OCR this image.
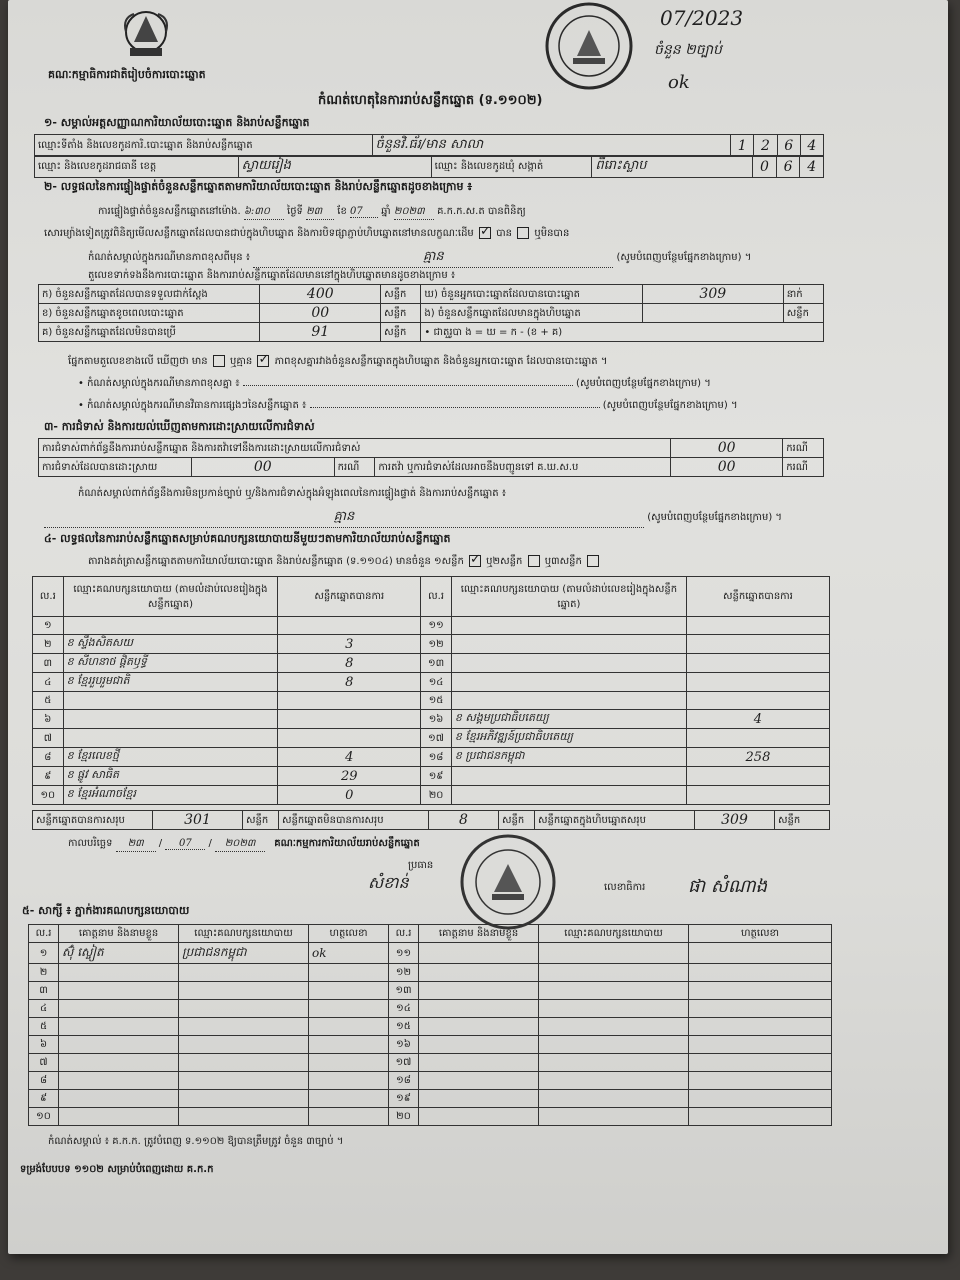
គណៈកម្មាធិការជាតិរៀបចំការបោះឆ្នោត
07/2023
ចំនួន ២ច្បាប់
ok
កំណត់ហេតុនៃការរាប់សន្លឹកឆ្នោត (ទ.១១០២)
១- សម្គាល់អត្តសញ្ញាណការិយាល័យបោះឆ្នោត និងរាប់សន្លឹកឆ្នោត
ឈ្មោះទីតាំង និងលេខកូដការិ.បោះឆ្នោត និងរាប់សន្លឹកឆ្នោត	ចំនួនវិ.ធ័រ/មាន សាលា	1	2	6	4
ឈ្មោះ និងលេខកូដរាជធានី ខេត្ត	ស្វាយរៀង	ឈ្មោះ និងលេខកូដឃុំ សង្កាត់	ពីរោះស្លាប	0	6	4
២- លទ្ធផលនៃការផ្ទៀងផ្ទាត់ចំនួនសន្លឹកឆ្នោតតាមការិយាល័យបោះឆ្នោត និងរាប់សន្លឹកឆ្នោតដូចខាងក្រោម ៖
ការផ្ទៀងផ្ទាត់ចំនួនសន្លឹកឆ្នោតនៅម៉ោង. ៦:៣០ ថ្ងៃទី ២៣ ខែ 07 ឆ្នាំ ២០២៣ គ.ក.ក.ស.ត បានពិនិត្យ
សោរម្យ៉ាងទៀតត្រូវពិនិត្យមើលសន្លឹកឆ្នោតដែលបានជាប់ក្នុងហិបឆ្នោត និងការបិទផ្សាភ្ជាប់ហិបឆ្នោតនៅមានលក្ខណៈដើម ✓ បាន ឬមិនបាន
កំណត់សម្គាល់ក្នុងករណីមានភាពខុសពីមុន ៖	គ្មាន	(សូមបំពេញបន្ថែមផ្នែកខាងក្រោម) ។
តួលេខទាក់ទងនឹងការបោះឆ្នោត និងការរាប់សន្លឹកឆ្នោតដែលមាននៅក្នុងហិបឆ្នោតមានដូចខាងក្រោម ៖
ក) ចំនួនសន្លឹកឆ្នោតដែលបានទទួលជាក់ស្តែង	400	សន្លឹក	ឃ) ចំនួនអ្នកបោះឆ្នោតដែលបានបោះឆ្នោត	309	នាក់
ខ) ចំនួនសន្លឹកឆ្នោតខូចពេលបោះឆ្នោត	00	សន្លឹក	ង) ចំនួនសន្លឹកឆ្នោតដែលមានក្នុងហិបឆ្នោត		សន្លឹក
គ) ចំនួនសន្លឹកឆ្នោតដែលមិនបានប្រើ	91	សន្លឹក	• ជាតួរូបា ង = ឃ = ក - (ខ + គ)		
ផ្នែកតាមតួលេខខាងលើ ឃើញថា មាន ឬគ្មាន ✓ ភាពខុសគ្នារវាងចំនួនសន្លឹកឆ្នោតក្នុងហិបឆ្នោត និងចំនួនអ្នកបោះឆ្នោត ដែលបានបោះឆ្នោត ។
• កំណត់សម្គាល់ក្នុងករណីមានភាពខុសគ្នា ៖	(សូមបំពេញបន្ថែមផ្នែកខាងក្រោម) ។
• កំណត់សម្គាល់ក្នុងករណីមានវិធានការផ្សេងៗនៃសន្លឹកឆ្នោត ៖	(សូមបំពេញបន្ថែមផ្នែកខាងក្រោម) ។
៣- ការជំទាស់ និងការយល់ឃើញតាមការដោះស្រាយលើការជំទាស់
ការជំទាស់ពាក់ព័ន្ធនឹងការរាប់សន្លឹកឆ្នោត និងការតវ៉ាទៅនឹងការដោះស្រាយលើការជំទាស់				00	ករណី
ការជំទាស់ដែលបានដោះស្រាយ	00	ករណី	ការតវ៉ា ឬការជំទាស់ដែលអាចនឹងបញ្ជូនទៅ គ.ឃ.ស.ប	00	ករណី
កំណត់សម្គាល់ពាក់ព័ន្ធនឹងការមិនប្រកាន់ច្បាប់ ឬ/និងការជំទាស់ក្នុងអំឡុងពេលនៃការផ្ទៀងផ្ទាត់ និងការរាប់សន្លឹកឆ្នោត ៖
គ្មាន	(សូមបំពេញបន្ថែមផ្នែកខាងក្រោម) ។
៤- លទ្ធផលនៃការរាប់សន្លឹកឆ្នោតសម្រាប់គណបក្សនយោបាយនីមួយៗតាមការិយាល័យរាប់សន្លឹកឆ្នោត
តារាងគត់ត្រាសន្លឹកឆ្នោតតាមការិយាល័យបោះឆ្នោត និងរាប់សន្លឹកឆ្នោត (ទ.១១០៤) មានចំនួន ១សន្លឹក ✓ ឬ២សន្លឹក ឬ៣សន្លឹក
ល.រ	ឈ្មោះគណបក្សនយោបាយ (តាមលំដាប់លេខរៀងក្នុងសន្លឹកឆ្នោត)	សន្លឹកឆ្នោតបានការ	ល.រ	ឈ្មោះគណបក្សនយោបាយ (តាមលំដាប់លេខរៀងក្នុងសន្លឹកឆ្នោត)	សន្លឹកឆ្នោតបានការ
១			១១		
២	ខ ស្ទឹងសិតសយ	3	១២		
៣	ខ សីហនាថ ផ្តិតឫទ្ធី	8	១៣		
៤	ខ ខ្មែររួបរួមជាតិ	8	១៤		
៥			១៥		
៦			១៦	ខ សង្គមប្រជាធិបតេយ្យ	4
៧			១៧	ខ ខ្មែរអភិវឌ្ឍន៍ប្រជាធិបតេយ្យ	
៨	ខ ខ្មែរលេខថ្មី	4	១៨	ខ ប្រជាជនកម្ពុជា	258
៩	ខ ផ្លូវ សាធិត	29	១៩		
១០	ខ ខ្មែរអំណាចខ្មែរ	0	២០		
សន្លឹកឆ្នោតបានការសរុប	301	សន្លឹក	សន្លឹកឆ្នោតមិនបានការសរុប	8	សន្លឹក	សន្លឹកឆ្នោតក្នុងហិបឆ្នោតសរុប	309	សន្លឹក
កាលបរិច្ឆេទ ២៣ / 07 / ២០២៣ គណៈកម្មការការិយាល័យរាប់សន្លឹកឆ្នោត
ប្រធាន
សំខាន់	លេខាធិការ ផា សំណាង
៥- សាក្សី ៖ ភ្នាក់ងារគណបក្សនយោបាយ
ល.រ	គោត្តនាម និងនាមខ្លួន	ឈ្មោះគណបក្សនយោបាយ	ហត្ថលេខា	ល.រ	គោត្តនាម និងនាមខ្លួន	ឈ្មោះគណបក្សនយោបាយ	ហត្ថលេខា
១	ស៊ុំ ស្ចៀត	ប្រជាជនកម្ពុជា	ok	១១			
២				១២			
៣				១៣			
៤				១៤			
៥				១៥			
៦				១៦			
៧				១៧			
៨				១៨			
៩				១៩			
១០				២០			
កំណត់សម្គាល់ ៖ គ.ក.ក. ត្រូវបំពេញ ទ.១១០២ ឱ្យបានត្រឹមត្រូវ ចំនួន ៣ច្បាប់ ។
ទម្រង់បែបបទ ១១០២ សម្រាប់បំពេញដោយ គ.ក.ក
